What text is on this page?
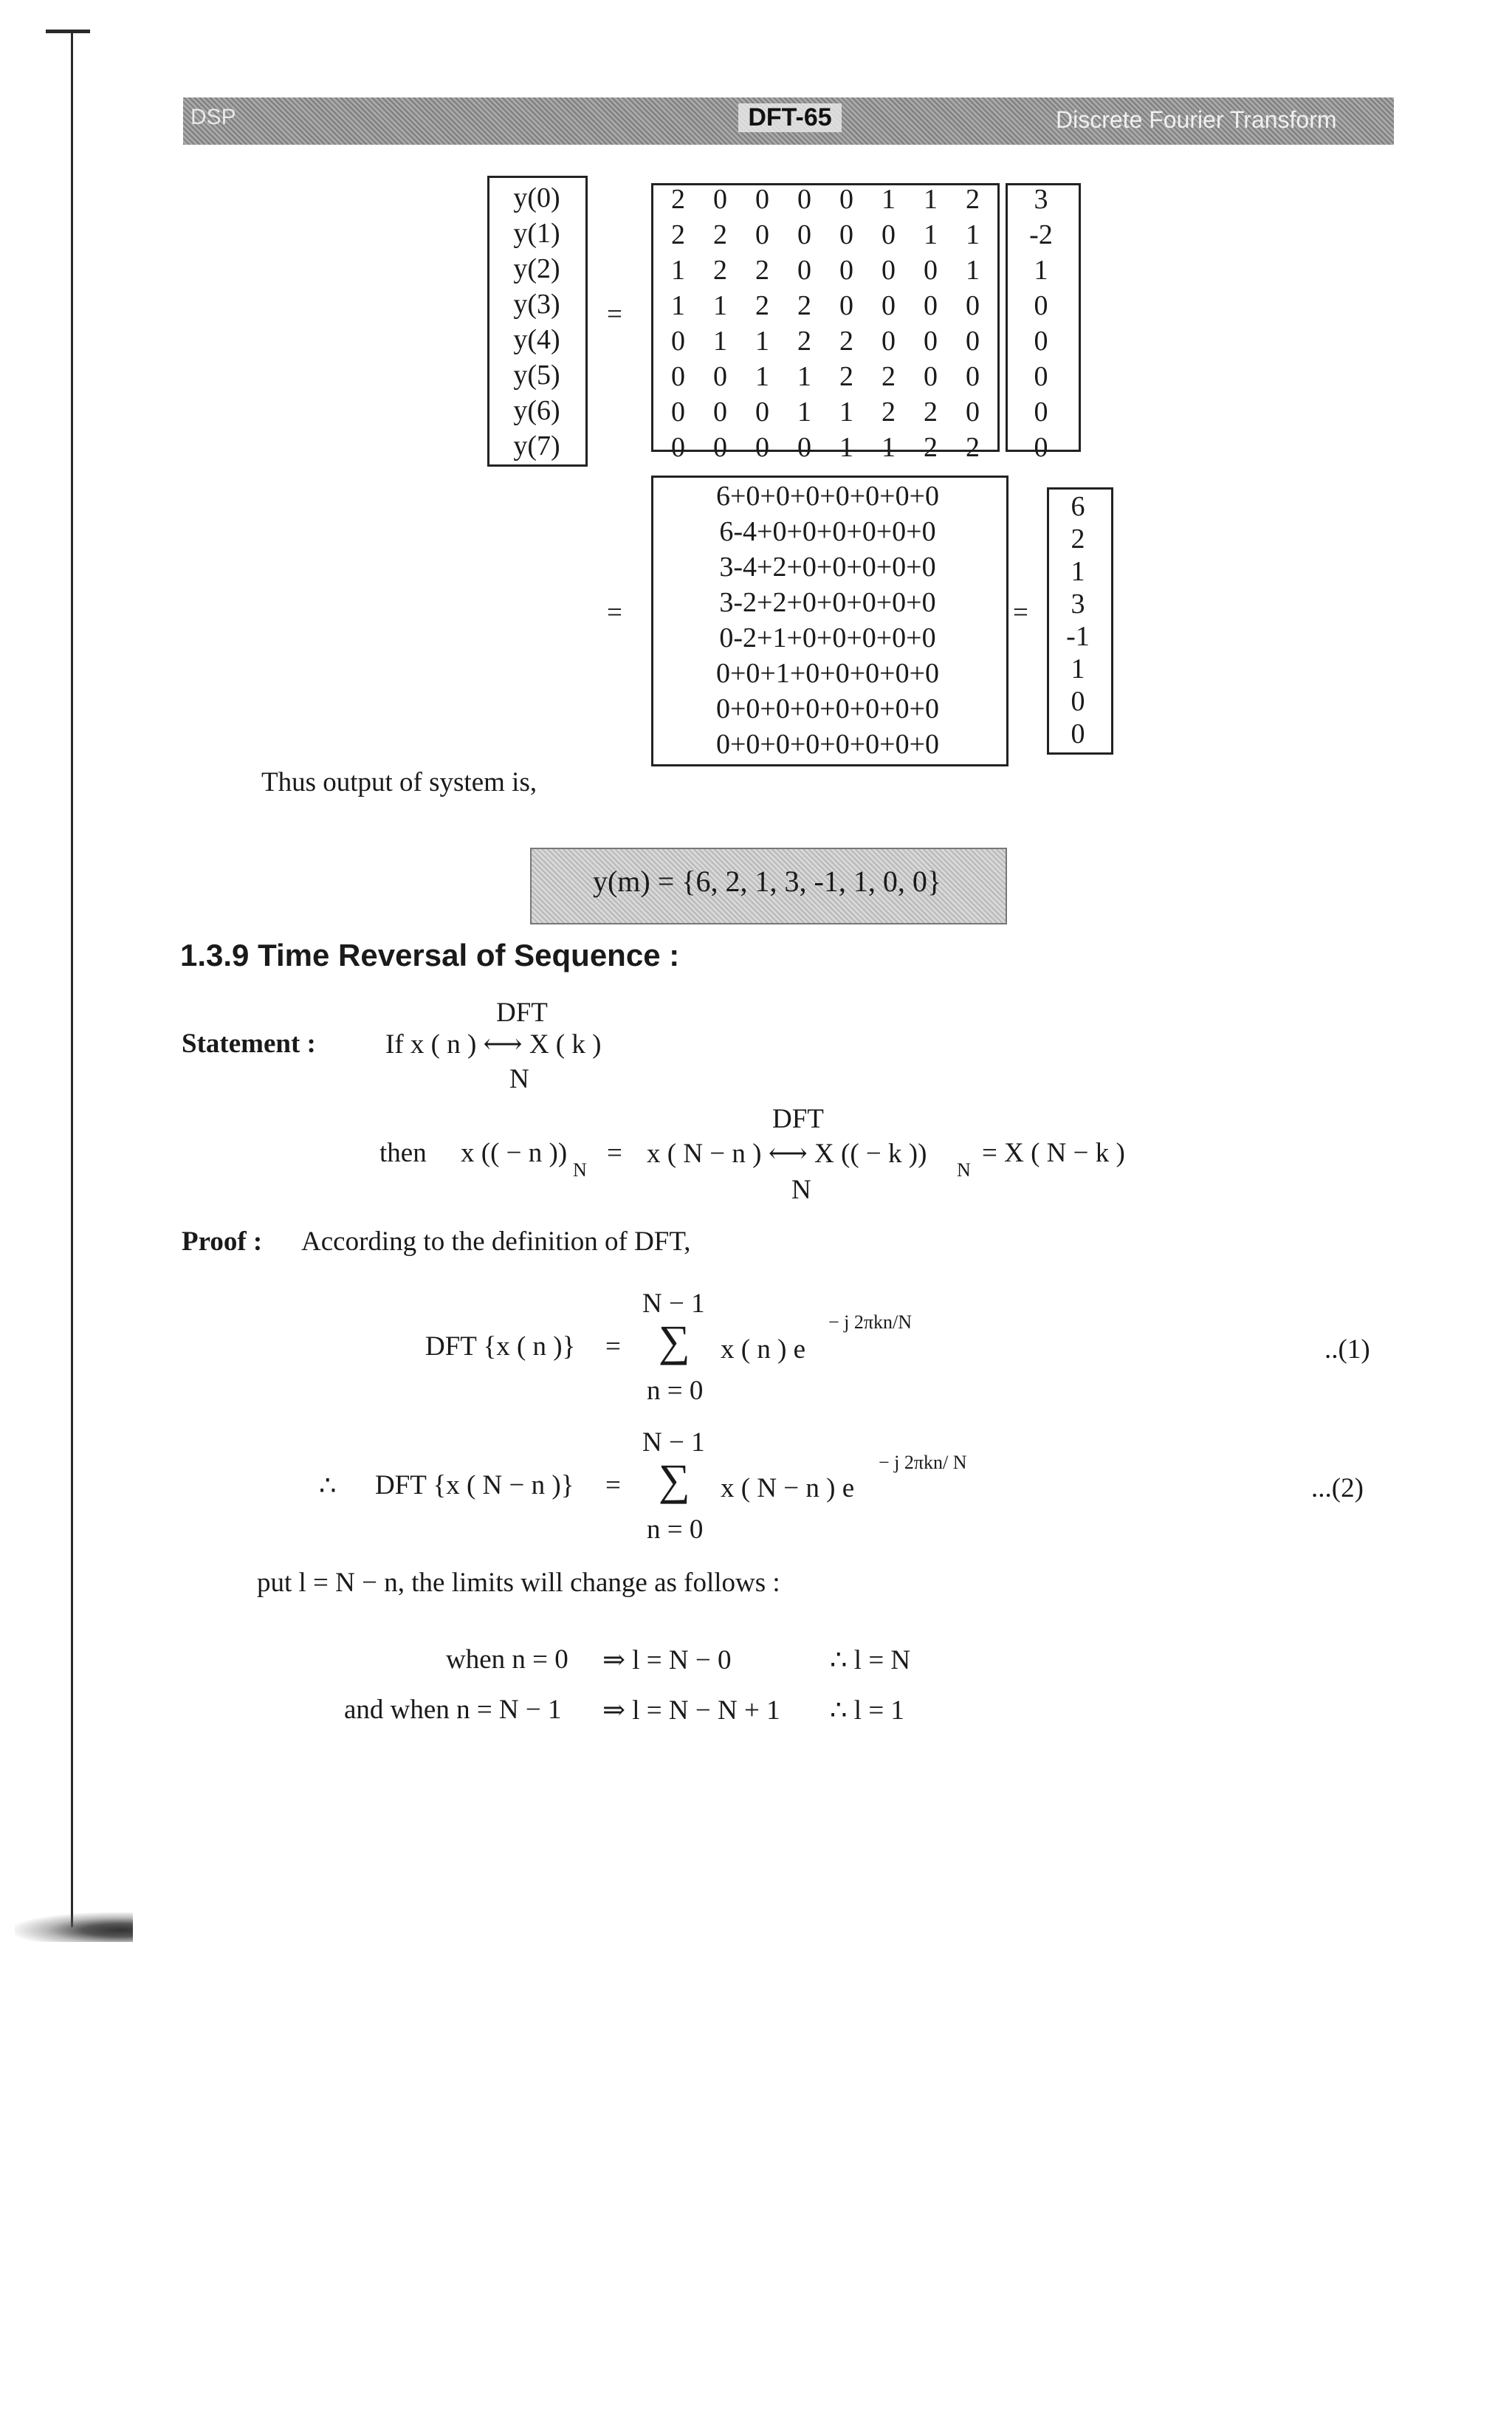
DSP	DFT-65	Discrete Fourier Transform
y(0)
y(1)
y(2)
y(3)
y(4)
y(5)
y(6)
y(7)
=
2 0 0 0 0 1 1 2
2 2 0 0 0 0 1 1
1 2 2 0 0 0 0 1
1 1 2 2 0 0 0 0
0 1 1 2 2 0 0 0
0 0 1 1 2 2 0 0
0 0 0 1 1 2 2 0
0 0 0 0 1 1 2 2
3
-2
1
0
0
0
0
0
=
6+0+0+0+0+0+0+0
6-4+0+0+0+0+0+0
3-4+2+0+0+0+0+0
3-2+2+0+0+0+0+0
0-2+1+0+0+0+0+0
0+0+1+0+0+0+0+0
0+0+0+0+0+0+0+0
0+0+0+0+0+0+0+0
=
6
2
1
3
-1
1
0
0
Thus output of system is,
y(m) = {6, 2, 1, 3, -1, 1, 0, 0}
1.3.9 Time Reversal of Sequence :
Statement :
DFT
If x ( n ) ⟷ X ( k )
N
DFT
then x (( − n ))
N
= x ( N − n ) ⟷ X (( − k ))
N
= X ( N − k )
N
Proof : According to the definition of DFT,
N − 1
− j 2πkn/N
DFT {x ( n )} = ∑ x ( n ) e	..(1)
n = 0
N − 1
− j 2πkn/ N
∴ DFT {x ( N − n )} = ∑ x ( N − n ) e	...(2)
n = 0
put l = N − n, the limits will change as follows :
when n = 0 ⇒ l = N − 0	∴ l = N
and when n = N − 1 ⇒ l = N − N + 1 ∴ l = 1
